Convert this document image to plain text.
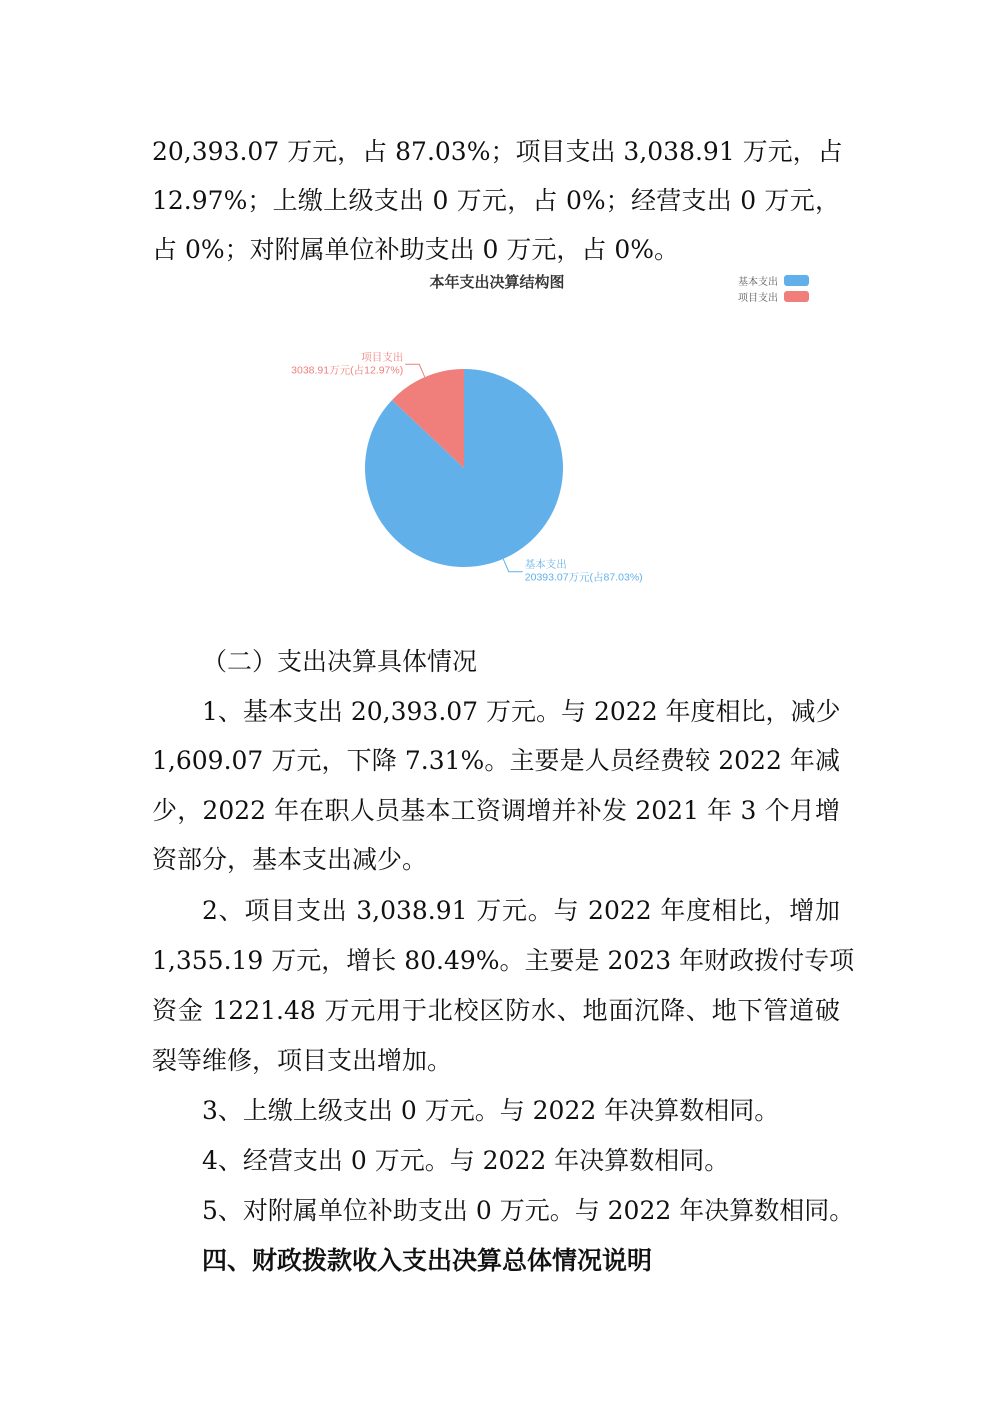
20,393.07 万元，占 87.03%；项目支出 3,038.91 万元，占
12.97%；上缴上级支出 0 万元，占 0%；经营支出 0 万元，
占 0%；对附属单位补助支出 0 万元，占 0%。
本年支出决算结构图	基本支出
项目支出
基本支出
20393.07万元(占87.03%)
项目支出
3038.91万元(占12.97%)
（二）支出决算具体情况
1、基本支出 20,393.07 万元。与 2022 年度相比，减少
1,609.07 万元，下降 7.31%。主要是人员经费较 2022 年减
少，2022 年在职人员基本工资调增并补发 2021 年 3 个月增
资部分，基本支出减少。
2、项目支出 3,038.91 万元。与 2022 年度相比，增加
1,355.19 万元，增长 80.49%。主要是 2023 年财政拨付专项
资金 1221.48 万元用于北校区防水、地面沉降、地下管道破
裂等维修，项目支出增加。
3、上缴上级支出 0 万元。与 2022 年决算数相同。
4、经营支出 0 万元。与 2022 年决算数相同。
5、对附属单位补助支出 0 万元。与 2022 年决算数相同。
四、财政拨款收入支出决算总体情况说明
